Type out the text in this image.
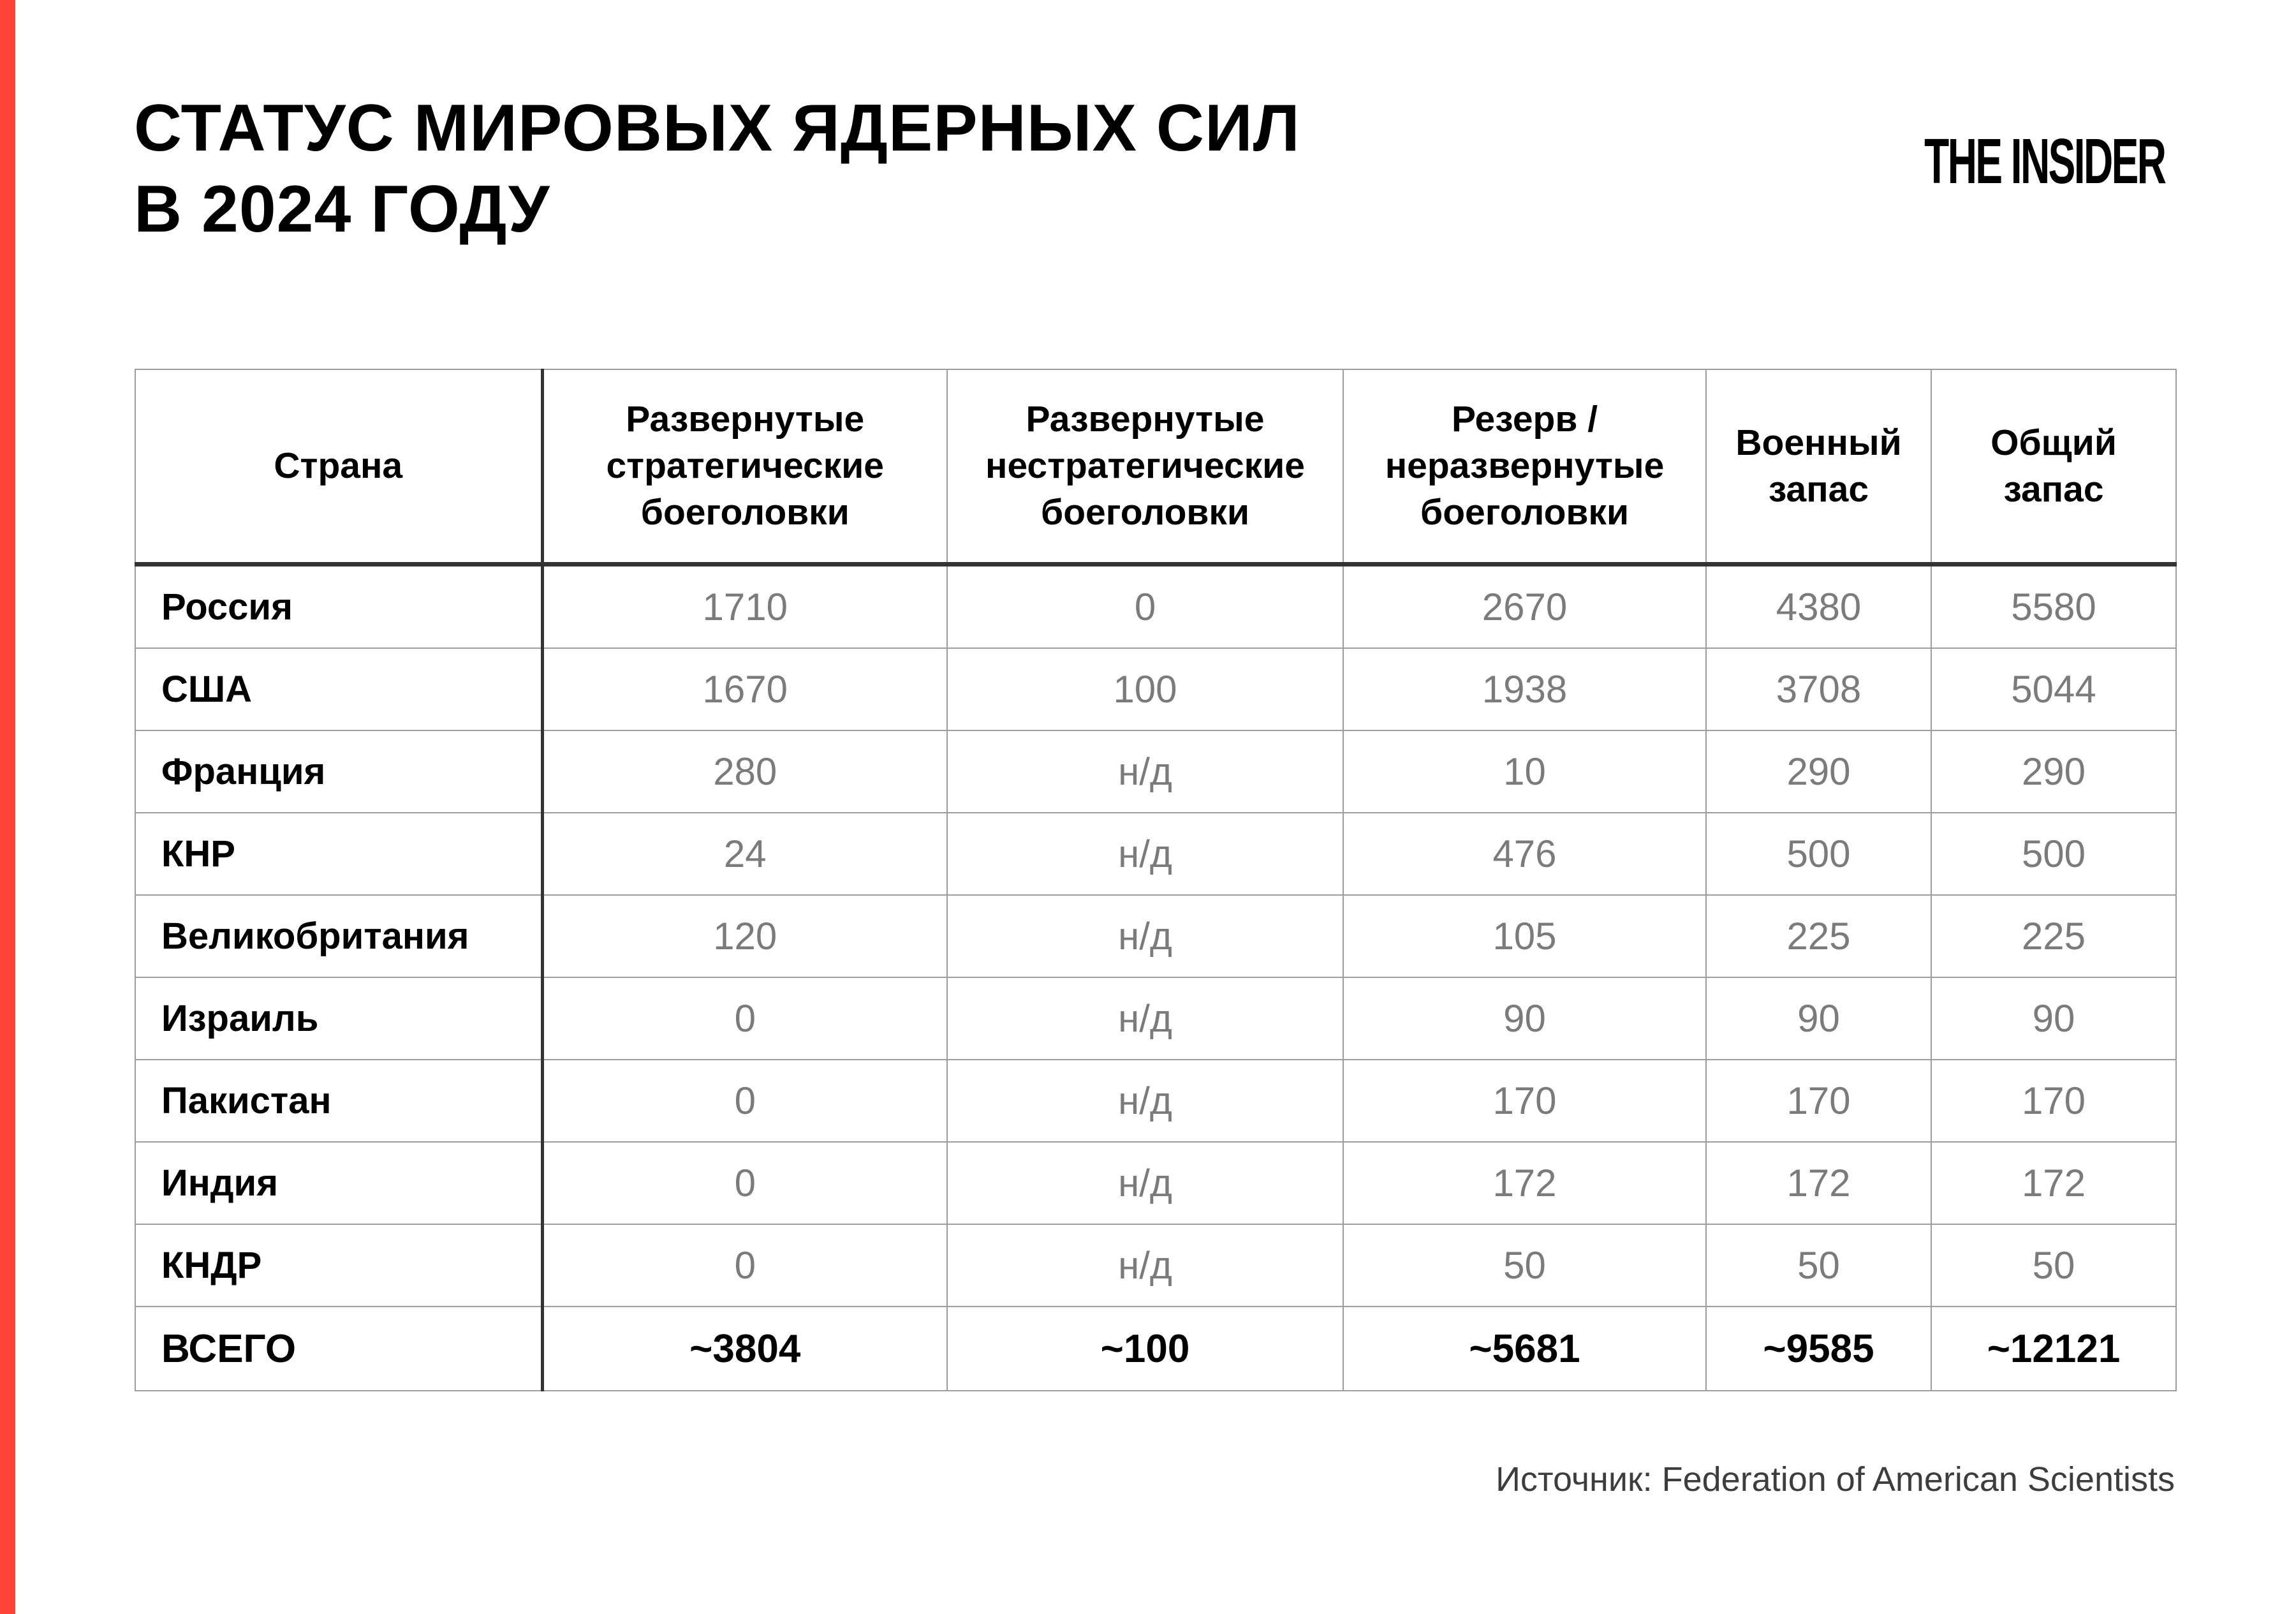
СТАТУС МИРОВЫХ ЯДЕРНЫХ СИЛ
В 2024 ГОДУ
THE INSIDER
Страна	Развернутые стратегические боеголовки	Развернутые нестратегические боеголовки	Резерв / неразвернутые боеголовки	Военный запас	Общий запас
Россия	1710	0	2670	4380	5580
США	1670	100	1938	3708	5044
Франция	280	н/д	10	290	290
КНР	24	н/д	476	500	500
Великобритания	120	н/д	105	225	225
Израиль	0	н/д	90	90	90
Пакистан	0	н/д	170	170	170
Индия	0	н/д	172	172	172
КНДР	0	н/д	50	50	50
ВСЕГО	~3804	~100	~5681	~9585	~12121
Источник: Federation of American Scientists
